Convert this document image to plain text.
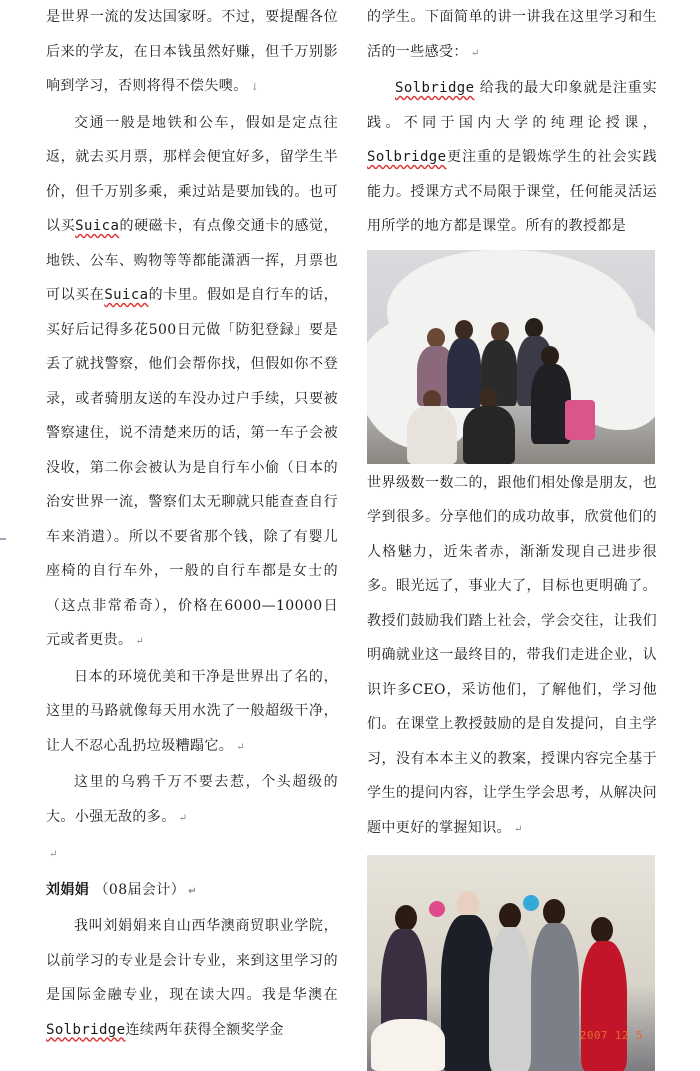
是世界一流的发达国家呀。不过，要提醒各位后来的学友，在日本钱虽然好赚，但千万别影响到学习，否则将得不偿失噢。 ↓

交通一般是地铁和公车，假如是定点往返，就去买月票，那样会便宜好多，留学生半价，但千万别多乘，乘过站是要加钱的。也可以买Suica的硬磁卡，有点像交通卡的感觉，地铁、公车、购物等等都能潇洒一挥，月票也可以买在Suica的卡里。假如是自行车的话，买好后记得多花500日元做「防犯登録」要是丢了就找警察，他们会帮你找，但假如你不登录，或者骑朋友送的车没办过户手续，只要被警察逮住，说不清楚来历的话，第一车子会被没收，第二你会被认为是自行车小偷（日本的治安世界一流，警察们太无聊就只能查查自行车来消遣）。所以不要省那个钱，除了有婴儿座椅的自行车外，一般的自行车都是女士的（这点非常希奇），价格在6000—10000日元或者更贵。 ↵

日本的环境优美和干净是世界出了名的，这里的马路就像每天用水洗了一般超级干净，让人不忍心乱扔垃圾糟蹋它。 ↵

这里的乌鸦千万不要去惹，个头超级的大。小强无敌的多。 ↵

↵

刘娟娟 （08届会计） ↵

我叫刘娟娟来自山西华澳商贸职业学院，以前学习的专业是会计专业，来到这里学习的是国际金融专业，现在读大四。我是华澳在Solbridge连续两年获得全额奖学金

的学生。下面简单的讲一讲我在这里学习和生活的一些感受： ↵

Solbridge 给我的最大印象就是注重实践。不同于国内大学的纯理论授课，Solbridge更注重的是锻炼学生的社会实践能力。授课方式不局限于课堂，任何能灵活运用所学的地方都是课堂。所有的教授都是

世界级数一数二的，跟他们相处像是朋友，也学到很多。分享他们的成功故事，欣赏他们的人格魅力，近朱者赤，渐渐发现自己进步很多。眼光远了，事业大了，目标也更明确了。教授们鼓励我们踏上社会，学会交往，让我们明确就业这一最终目的，带我们走进企业，认识许多CEO，采访他们，了解他们，学习他们。在课堂上教授鼓励的是自发提问，自主学习，没有本本主义的教案，授课内容完全基于学生的提问内容，让学生学会思考，从解决问题中更好的掌握知识。 ↵

2007 12 5
